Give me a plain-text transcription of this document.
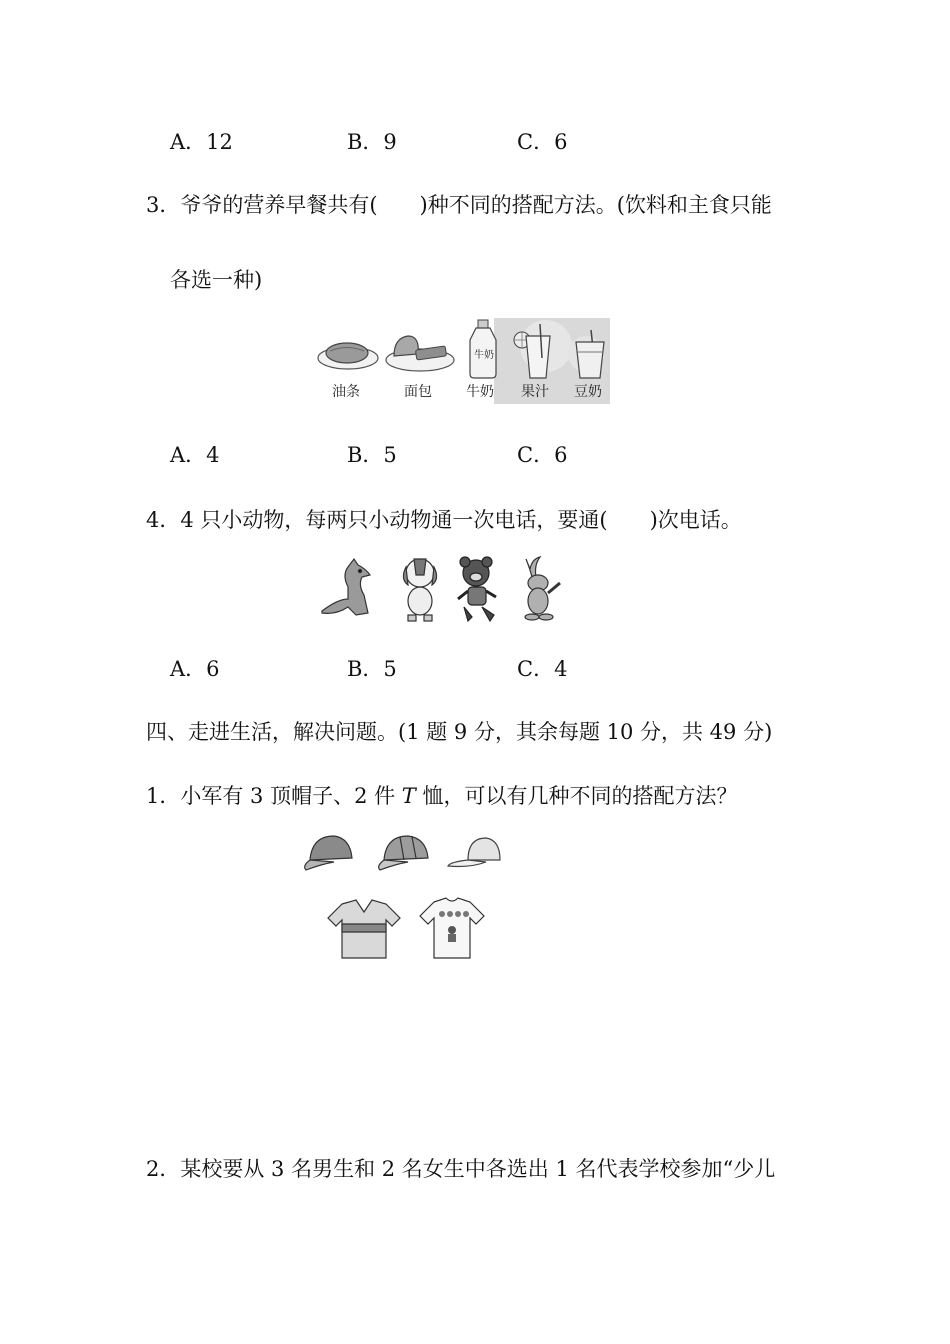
A．12	B．9	C．6
3．爷爷的营养早餐共有(　　)种不同的搭配方法。(饮料和主食只能
各选一种)
牛奶
油条	面包 牛奶 果汁 豆奶
A．4	B．5	C．6
4．4 只小动物，每两只小动物通一次电话，要通(　　)次电话。
A．6	B．5	C．4
四、走进生活，解决问题。(1 题 9 分，其余每题 10 分，共 49 分)
1．小军有 3 顶帽子、2 件 T 恤，可以有几种不同的搭配方法？
2．某校要从 3 名男生和 2 名女生中各选出 1 名代表学校参加“少儿
